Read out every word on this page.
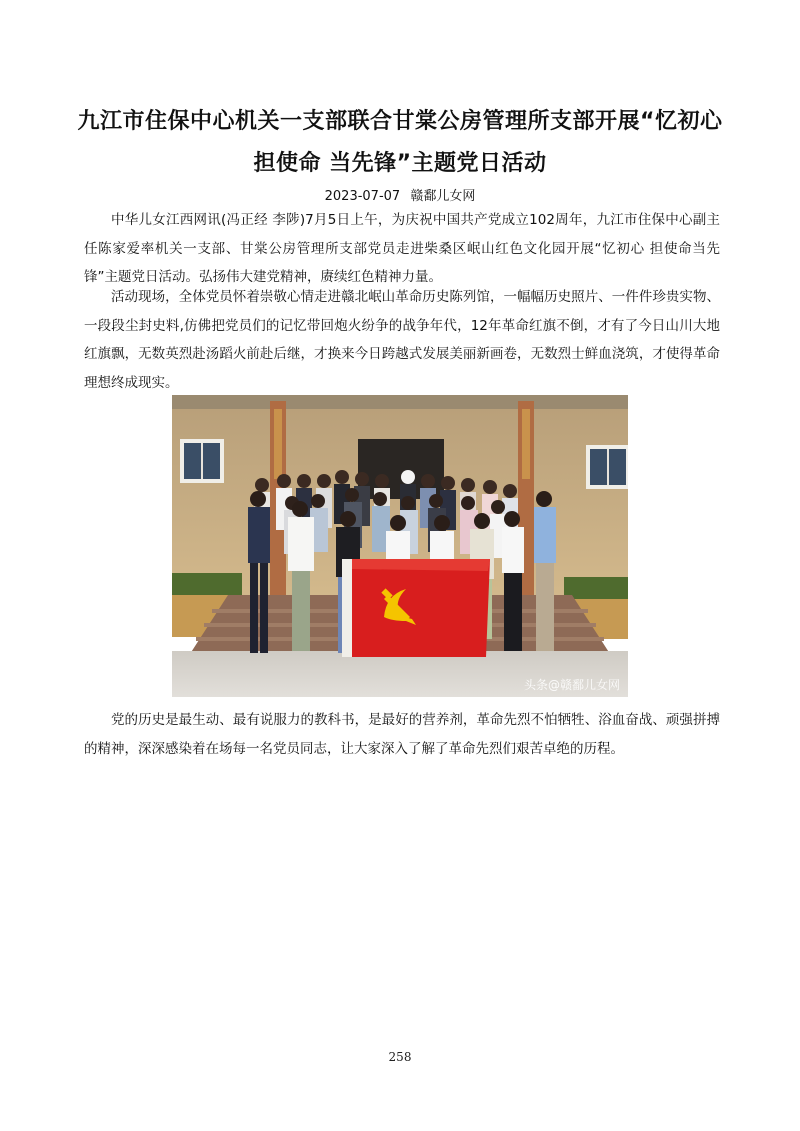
九江市住保中心机关一支部联合甘棠公房管理所支部开展“忆初心
担使命 当先锋”主题党日活动
2023-07-07 赣鄱儿女网
中华儿女江西网讯(冯正经 李陟)7月5日上午，为庆祝中国共产党成立102周年，九江市住保中心副主任陈家爱率机关一支部、甘棠公房管理所支部党员走进柴桑区岷山红色文化园开展“忆初心 担使命当先锋”主题党日活动。弘扬伟大建党精神，赓续红色精神力量。
活动现场，全体党员怀着崇敬心情走进赣北岷山革命历史陈列馆，一幅幅历史照片、一件件珍贵实物、一段段尘封史料,仿佛把党员们的记忆带回炮火纷争的战争年代，12年革命红旗不倒，才有了今日山川大地红旗飘，无数英烈赴汤蹈火前赴后继，才换来今日跨越式发展美丽新画卷，无数烈士鲜血浇筑，才使得革命理想终成现实。
头条@赣鄱儿女网
党的历史是最生动、最有说服力的教科书，是最好的营养剂，革命先烈不怕牺牲、浴血奋战、顽强拼搏的精神，深深感染着在场每一名党员同志，让大家深入了解了革命先烈们艰苦卓绝的历程。
258
